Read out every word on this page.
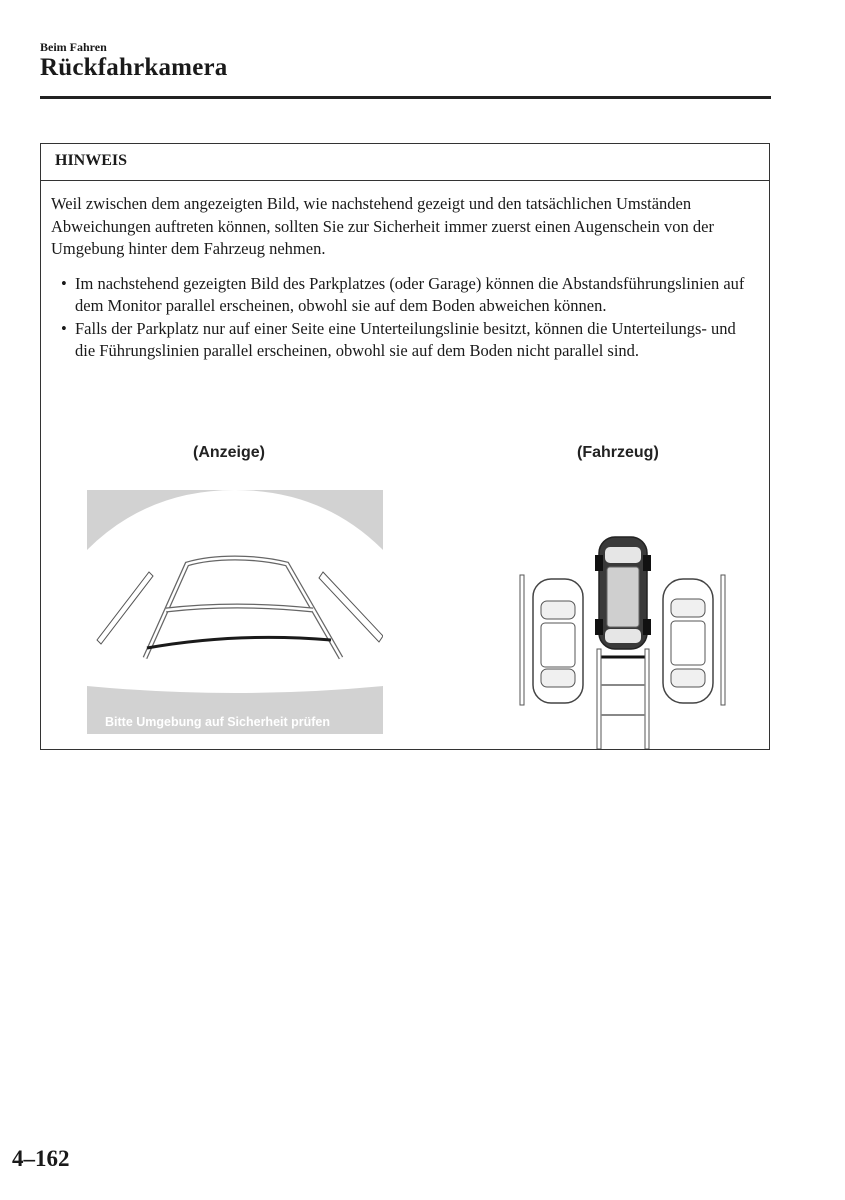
Beim Fahren
Rückfahrkamera
HINWEIS

Weil zwischen dem angezeigten Bild, wie nachstehend gezeigt und den tatsächlichen Umständen Abweichungen auftreten können, sollten Sie zur Sicherheit immer zuerst einen Augenschein von der Umgebung hinter dem Fahrzeug nehmen.

• Im nachstehend gezeigten Bild des Parkplatzes (oder Garage) können die Abstandsführungslinien auf dem Monitor parallel erscheinen, obwohl sie auf dem Boden abweichen können.
• Falls der Parkplatz nur auf einer Seite eine Unterteilungslinie besitzt, können die Unterteilungs- und die Führungslinien parallel erscheinen, obwohl sie auf dem Boden nicht parallel sind.
(Anzeige)	(Fahrzeug)
Bitte Umgebung auf Sicherheit prüfen
4–162
